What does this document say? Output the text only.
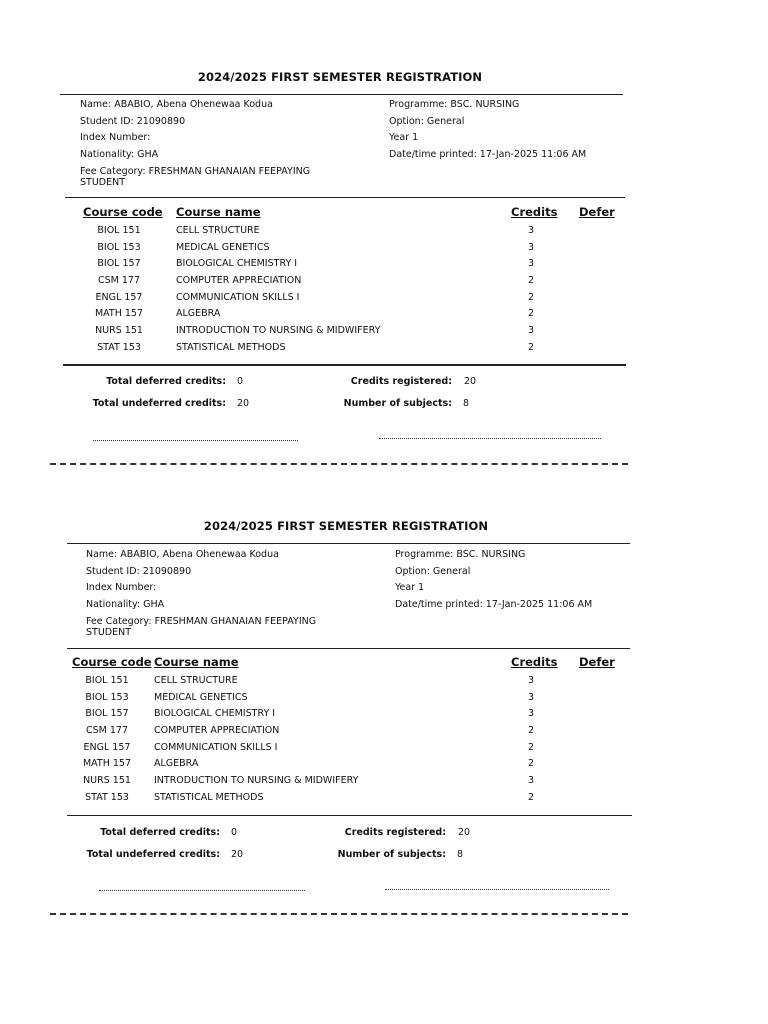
2024/2025 FIRST SEMESTER REGISTRATION
Name: ABABIO, Abena Ohenewaa Kodua
Student ID: 21090890
Index Number:
Nationality: GHA
Fee Category: FRESHMAN GHANAIAN FEEPAYING STUDENT
Programme: BSC. NURSING
Option: General
Year 1
Date/time printed: 17-Jan-2025 11:06 AM
Course code Course name	Credits Defer
BIOL 151	CELL STRUCTURE	3
BIOL 153	MEDICAL GENETICS	3
BIOL 157	BIOLOGICAL CHEMISTRY I	3
CSM 177	COMPUTER APPRECIATION	2
ENGL 157	COMMUNICATION SKILLS I	2
MATH 157	ALGEBRA	2
NURS 151	INTRODUCTION TO NURSING & MIDWIFERY	3
STAT 153	STATISTICAL METHODS	2
Total deferred credits: 0	Credits registered: 20
Total undeferred credits: 20	Number of subjects: 8
2024/2025 FIRST SEMESTER REGISTRATION
Name: ABABIO, Abena Ohenewaa Kodua
Student ID: 21090890
Index Number:
Nationality: GHA
Fee Category: FRESHMAN GHANAIAN FEEPAYING STUDENT
Programme: BSC. NURSING
Option: General
Year 1
Date/time printed: 17-Jan-2025 11:06 AM
Course code Course name	Credits Defer
BIOL 151	CELL STRUCTURE	3
BIOL 153	MEDICAL GENETICS	3
BIOL 157	BIOLOGICAL CHEMISTRY I	3
CSM 177	COMPUTER APPRECIATION	2
ENGL 157	COMMUNICATION SKILLS I	2
MATH 157	ALGEBRA	2
NURS 151	INTRODUCTION TO NURSING & MIDWIFERY	3
STAT 153	STATISTICAL METHODS	2
Total deferred credits: 0	Credits registered: 20
Total undeferred credits: 20	Number of subjects: 8
